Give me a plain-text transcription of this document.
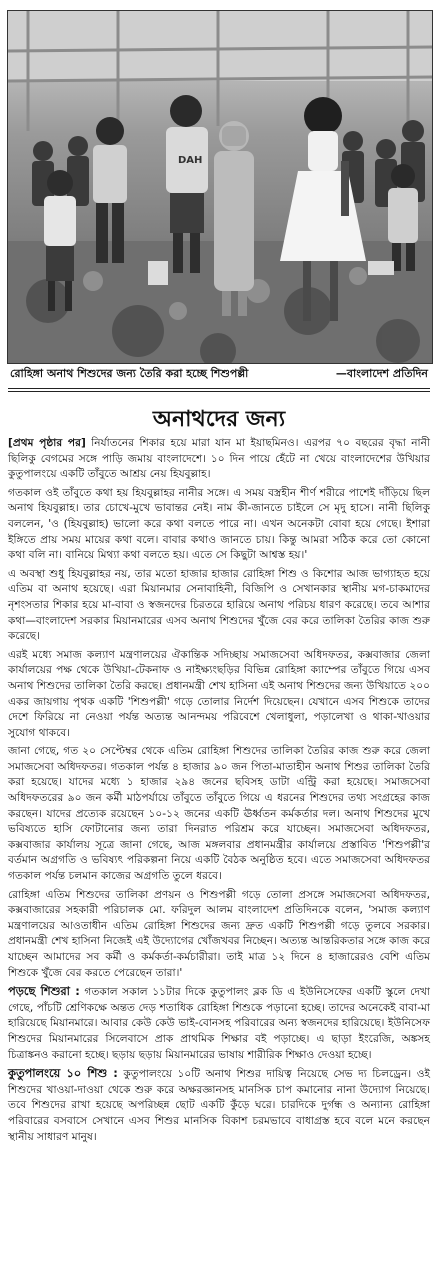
DAH
রোহিঙ্গা অনাথ শিশুদের জন্য তৈরি করা হচ্ছে শিশুপল্লী	—বাংলাদেশ প্রতিদিন
অনাথদের জন্য

[প্রথম পৃষ্ঠার পর] নির্যাতনের শিকার হয়ে মারা যান মা ইয়াছমিনও। এরপর ৭০ বছরের বৃদ্ধা নানী ছিলিকু বেগমের সঙ্গে পাড়ি জমায় বাংলাদেশে। ১০ দিন পায়ে হেঁটে না খেয়ে বাংলাদেশের উখিয়ার কুতুপালংয়ে একটি তাঁবুতে আশ্রয় নেয় হিযবুল্লাহ।

গতকাল ওই তাঁবুতে কথা হয় হিযবুল্লাহর নানীর সঙ্গে। এ সময় বস্ত্রহীন শীর্ণ শরীরে পাশেই দাঁড়িয়ে ছিল অনাথ হিযবুল্লাহ। তার চোখে-মুখে ভাবান্তর নেই। নাম কী-জানতে চাইলে সে মৃদু হাসে। নানী ছিলিকু বললেন, 'ও (হিযবুল্লাহ) ভালো করে কথা বলতে পারে না। এখন অনেকটা বোবা হয়ে গেছে। ইশারা ইঙ্গিতে প্রায় সময় মায়ের কথা বলে। বাবার কথাও জানতে চায়। কিন্তু আমরা সঠিক করে তো কোনো কথা বলি না। বানিয়ে মিথ্যা কথা বলতে হয়। এতে সে কিছুটা আশ্বস্ত হয়।'

এ অবস্থা শুধু হিযবুল্লাহর নয়, তার মতো হাজার হাজার রোহিঙ্গা শিশু ও কিশোর আজ ভাগ্যাহত হয়ে এতিম বা অনাথ হয়েছে। এরা মিয়ানমার সেনাবাহিনী, বিজিপি ও সেখানকার স্থানীয় মগ-চাকমাদের নৃশংসতার শিকার হয়ে মা-বাবা ও স্বজনদের চিরতরে হারিয়ে অনাথ পরিচয় ধারণ করেছে। তবে আশার কথা—বাংলাদেশ সরকার মিয়ানমারের এসব অনাথ শিশুদের খুঁজে বের করে তালিকা তৈরির কাজ শুরু করেছে।

এরই মধ্যে সমাজ কল্যাণ মন্ত্রণালয়ের ঐকান্তিক সদিচ্ছায় সমাজসেবা অধিদফতর, কক্সবাজার জেলা কার্যালয়ের পক্ষ থেকে উখিয়া-টেকনাফ ও নাইক্ষ্যংছড়ির বিভিন্ন রোহিঙ্গা ক্যাম্পের তাঁবুতে গিয়ে এসব অনাথ শিশুদের তালিকা তৈরি করছে। প্রধানমন্ত্রী শেখ হাসিনা এই অনাথ শিশুদের জন্য উখিয়াতে ২০০ একর জায়গায় পৃথক একটি 'শিশুপল্লী' গড়ে তোলার নির্দেশ দিয়েছেন। যেখানে এসব শিশুকে তাদের দেশে ফিরিয়ে না নেওয়া পর্যন্ত অত্যন্ত আনন্দময় পরিবেশে খেলাধুলা, পড়ালেখা ও থাকা-খাওয়ার সুযোগ থাকবে।

জানা গেছে, গত ২০ সেপ্টেম্বর থেকে এতিম রোহিঙ্গা শিশুদের তালিকা তৈরির কাজ শুরু করে জেলা সমাজসেবা অধিদফতর। গতকাল পর্যন্ত ৪ হাজার ৯০ জন পিতা-মাতাহীন অনাথ শিশুর তালিকা তৈরি করা হয়েছে। যাদের মধ্যে ১ হাজার ২৯৪ জনের ছবিসহ ডাটা এন্ট্রি করা হয়েছে। সমাজসেবা অধিদফতরের ৯০ জন কর্মী মাঠপর্যায়ে তাঁবুতে তাঁবুতে গিয়ে এ ধরনের শিশুদের তথ্য সংগ্রহের কাজ করছেন। যাদের প্রত্যেক রয়েছেন ১০-১২ জনের একটি ঊর্ধ্বতন কর্মকর্তার দল। অনাথ শিশুদের মুখে ভবিষ্যতে হাসি ফোটানোর জন্য তারা দিনরাত পরিশ্রম করে যাচ্ছেন। সমাজসেবা অধিদফতর, কক্সবাজার কার্যালয় সূত্রে জানা গেছে, আজ মঙ্গলবার প্রধানমন্ত্রীর কার্যালয়ে প্রস্তাবিত 'শিশুপল্লী'র বর্তমান অগ্রগতি ও ভবিষ্যৎ পরিকল্পনা নিয়ে একটি বৈঠক অনুষ্ঠিত হবে। এতে সমাজসেবা অধিদফতর গতকাল পর্যন্ত চলমান কাজের অগ্রগতি তুলে ধরবে।

রোহিঙ্গা এতিম শিশুদের তালিকা প্রণয়ন ও শিশুপল্লী গড়ে তোলা প্রসঙ্গে সমাজসেবা অধিদফতর, কক্সবাজারের সহকারী পরিচালক মো. ফরিদুল আলম বাংলাদেশ প্রতিদিনকে বলেন, 'সমাজ কল্যাণ মন্ত্রণালয়ের আওতাধীন এতিম রোহিঙ্গা শিশুদের জন্য দ্রুত একটি শিশুপল্লী গড়ে তুলবে সরকার। প্রধানমন্ত্রী শেখ হাসিনা নিজেই এই উদ্যোগের খোঁজখবর নিচ্ছেন। অত্যন্ত আন্তরিকতার সঙ্গে কাজ করে যাচ্ছেন আমাদের সব কর্মী ও কর্মকর্তা-কর্মচারীরা। তাই মাত্র ১২ দিনে ৪ হাজারেরও বেশি এতিম শিশুকে খুঁজে বের করতে পেরেছেন তারা।'

পড়ছে শিশুরা : গতকাল সকাল ১১টার দিকে কুতুপালং ব্লক ডি এ ইউনিসেফের একটি স্কুলে দেখা গেছে, পাঁচটি শ্রেণিকক্ষে অন্তত দেড় শতাধিক রোহিঙ্গা শিশুকে পড়ানো হচ্ছে। তাদের অনেকেই বাবা-মা হারিয়েছে মিয়ানমারে। আবার কেউ কেউ ভাই-বোনসহ পরিবারের অন্য স্বজনদের হারিয়েছে। ইউনিসেফ শিশুদের মিয়ানমারের সিলেবাসে প্রাক প্রাথমিক শিক্ষার বই পড়াচ্ছে। এ ছাড়া ইংরেজি, অঙ্কসহ চিত্রাঙ্কনও করানো হচ্ছে। ছড়ায় ছড়ায় মিয়ানমারের ভাষায় শারীরিক শিক্ষাও দেওয়া হচ্ছে।

কুতুপালংয়ে ১০ শিশু : কুতুপালংয়ে ১০টি অনাথ শিশুর দায়িত্ব নিয়েছে সেভ দ্য চিলড্রেন। ওই শিশুদের খাওয়া-দাওয়া থেকে শুরু করে অক্ষরজ্ঞানসহ মানসিক চাপ কমানোর নানা উদ্যোগ নিয়েছে। তবে শিশুদের রাখা হয়েছে অপরিচ্ছন্ন ছোট একটি কুঁড়ে ঘরে। চারদিকে দুর্গন্ধ ও অন্যান্য রোহিঙ্গা পরিবারের বসবাসে সেখানে এসব শিশুর মানসিক বিকাশ চরমভাবে বাধাগ্রস্ত হবে বলে মনে করছেন স্থানীয় সাধারণ মানুষ।
